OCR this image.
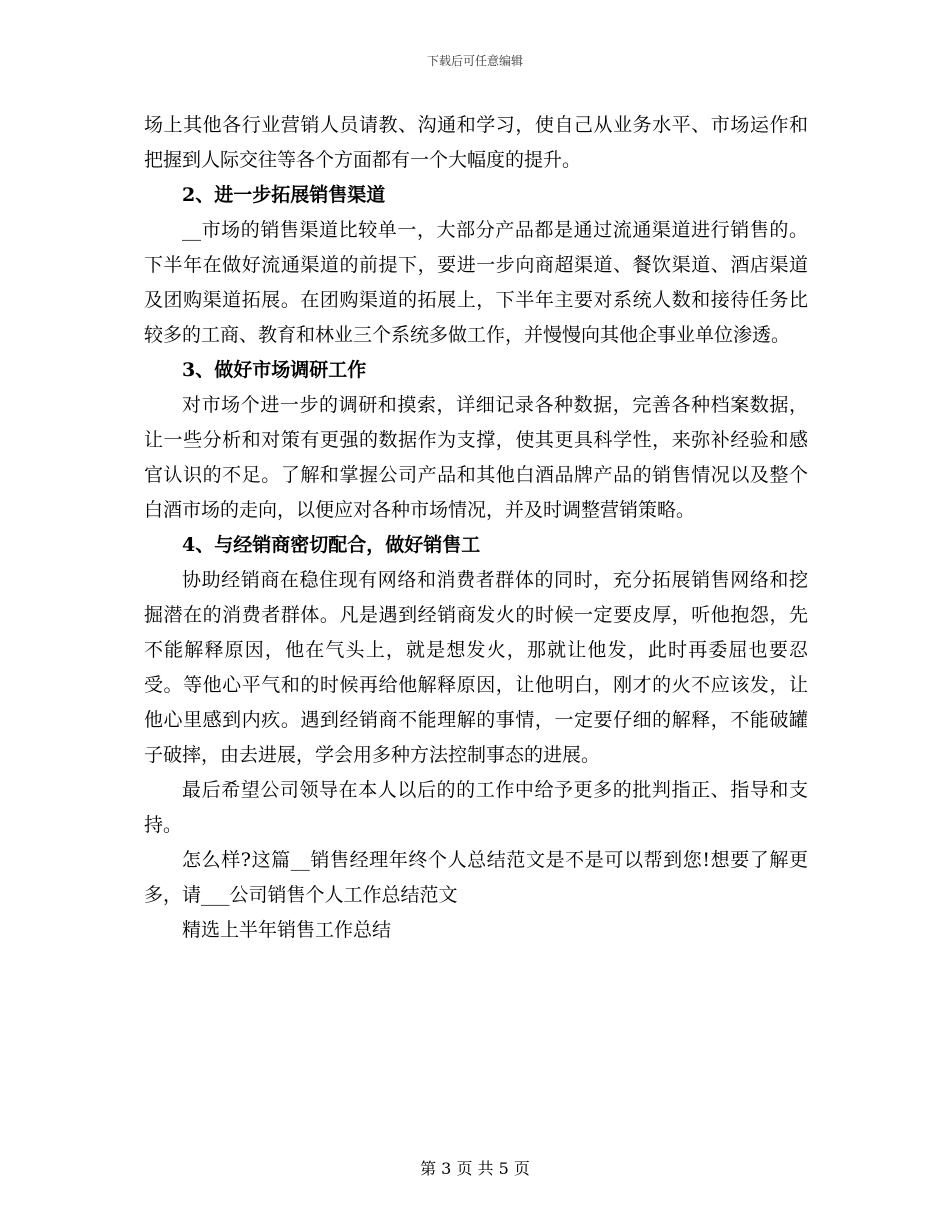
下载后可任意编辑

场上其他各行业营销人员请教、沟通和学习，使自己从业务水平、市场运作和把握到人际交往等各个方面都有一个大幅度的提升。

2、进一步拓展销售渠道

__市场的销售渠道比较单一，大部分产品都是通过流通渠道进行销售的。下半年在做好流通渠道的前提下，要进一步向商超渠道、餐饮渠道、酒店渠道及团购渠道拓展。在团购渠道的拓展上，下半年主要对系统人数和接待任务比较多的工商、教育和林业三个系统多做工作，并慢慢向其他企事业单位渗透。

3、做好市场调研工作

对市场个进一步的调研和摸索，详细记录各种数据，完善各种档案数据，让一些分析和对策有更强的数据作为支撑，使其更具科学性，来弥补经验和感官认识的不足。了解和掌握公司产品和其他白酒品牌产品的销售情况以及整个白酒市场的走向，以便应对各种市场情况，并及时调整营销策略。

4、与经销商密切配合，做好销售工

协助经销商在稳住现有网络和消费者群体的同时，充分拓展销售网络和挖掘潜在的消费者群体。凡是遇到经销商发火的时候一定要皮厚，听他抱怨，先不能解释原因，他在气头上，就是想发火，那就让他发，此时再委屈也要忍受。等他心平气和的时候再给他解释原因，让他明白，刚才的火不应该发，让他心里感到内疚。遇到经销商不能理解的事情，一定要仔细的解释，不能破罐子破摔，由去进展，学会用多种方法控制事态的进展。

最后希望公司领导在本人以后的的工作中给予更多的批判指正、指导和支持。

怎么样?这篇__销售经理年终个人总结范文是不是可以帮到您!想要了解更多，请___公司销售个人工作总结范文

精选上半年销售工作总结

第 3 页 共 5 页
